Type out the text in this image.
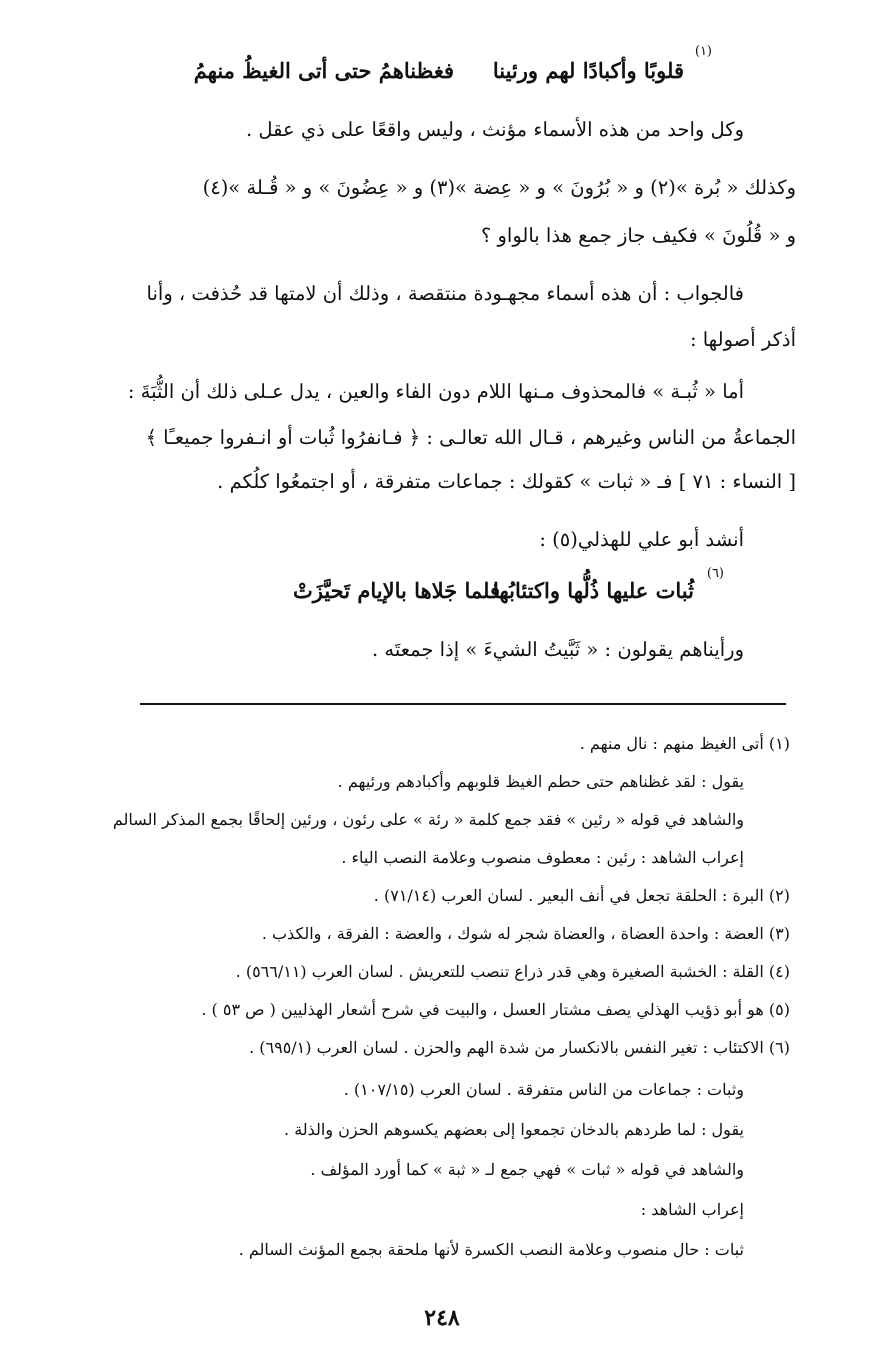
فغظناهمُ حتى أتى الغيظُ منهمُ قلوبًا وأكبادًا لهم ورئينا
(١)
وكل واحد من هذه الأسماء مؤنث ، وليس واقعًا على ذي عقل .
وكذلك « بُرة »(٢) و « بُرُونَ » و « عِضة »(٣) و « عِضُونَ » و « قُـلة »(٤)
و « قُلُونَ » فكيف جاز جمع هذا بالواو ؟
فالجواب : أن هذه أسماء مجهـودة منتقصة ، وذلك أن لامتها قد حُذفت ، وأنا
أذكر أصولها :
أما « ثُبـة » فالمحذوف مـنها اللام دون الفاء والعين ، يدل عـلى ذلك أن الثُّبَةَ :
الجماعةُ من الناس وغيرهم ، قـال الله تعالـى : ﴿ فـانفرُوا ثُبات أو انـفروا جميعـًا ﴾
[ النساء : ٧١ ] فـ « ثبات » كقولك : جماعات متفرقة ، أو اجتمعُوا كلُكم .
أنشد أبو علي للهذلي(٥) :
فلما جَلاها بالإيام تَحيَّزَتْ
ثُبات عليها ذُلُّها واكتئابُها
(٦)
ورأيناهم يقولون : « ثَبَّيتُ الشيءَ » إذا جمعتَه .
(١) أتى الغيظ منهم : نال منهم .
يقول : لقد غظناهم حتى حطم الغيظ قلوبهم وأكبادهم ورئيهم .
والشاهد في قوله « رئين » فقد جمع كلمة « رئة » على رئون ، ورئين إلحاقًا بجمع المذكر السالم
إعراب الشاهد : رئين : معطوف منصوب وعلامة النصب الياء .
(٢) البرة : الحلقة تجعل في أنف البعير . لسان العرب (٧١/١٤) .
(٣) العضة : واحدة العضاة ، والعضاة شجر له شوك ، والعضة : الفرقة ، والكذب .
(٤) القلة : الخشبة الصغيرة وهي قدر ذراع تنصب للتعريش . لسان العرب (٥٦٦/١١) .
(٥) هو أبو ذؤيب الهذلي يصف مشتار العسل ، والبيت في شرح أشعار الهذليين ( ص ٥٣ ) .
(٦) الاكتئاب : تغير النفس بالانكسار من شدة الهم والحزن . لسان العرب (٦٩٥/١) .
وثبات : جماعات من الناس متفرقة . لسان العرب (١٠٧/١٥) .
يقول : لما طردهم بالدخان تجمعوا إلى بعضهم يكسوهم الحزن والذلة .
والشاهد في قوله « ثبات » فهي جمع لـ « ثبة » كما أورد المؤلف .
إعراب الشاهد :
ثبات : حال منصوب وعلامة النصب الكسرة لأنها ملحقة بجمع المؤنث السالم .
٢٤٨
